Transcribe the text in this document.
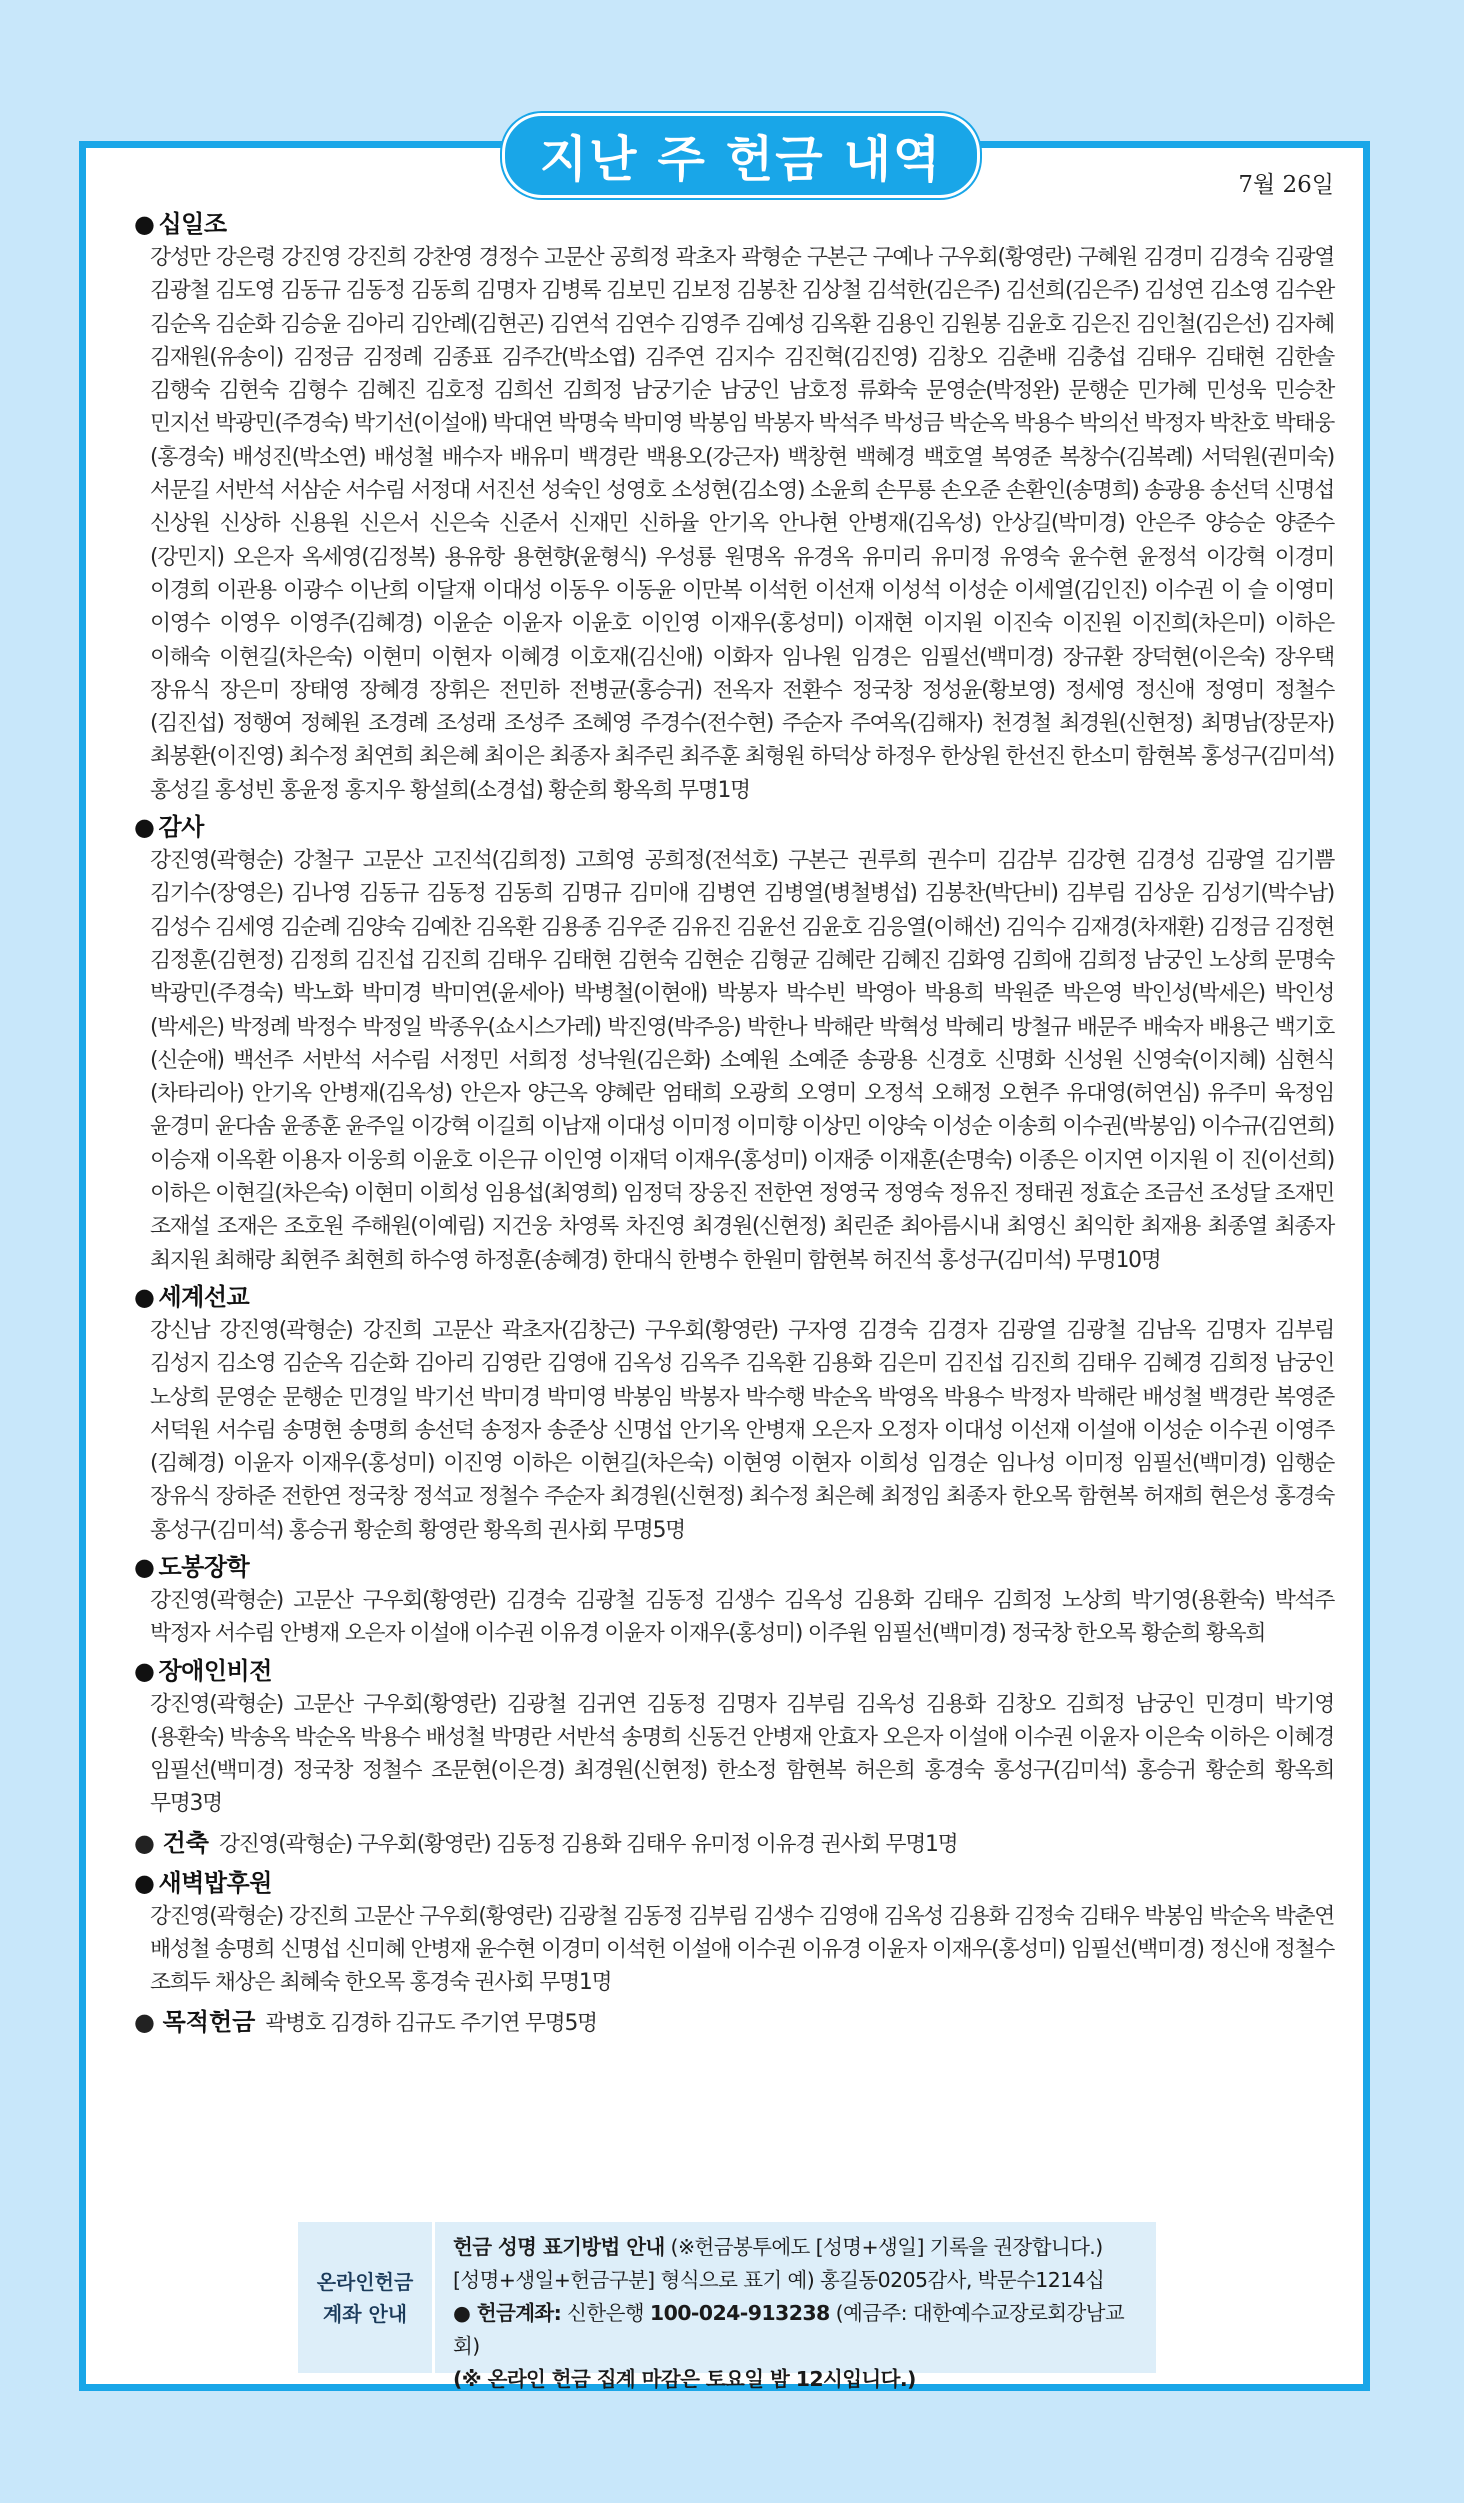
지난 주 헌금 내역	7월 26일
● 십일조
강성만 강은령 강진영 강진희 강찬영 경정수 고문산 공희정 곽초자 곽형순 구본근 구예나 구우회(황영란) 구혜원 김경미 김경숙 김광열 김광철 김도영 김동규 김동정 김동희 김명자 김병록 김보민 김보정 김봉찬 김상철 김석한(김은주) 김선희(김은주) 김성연 김소영 김수완 김순옥 김순화 김승윤 김아리 김안례(김현곤) 김연석 김연수 김영주 김예성 김옥환 김용인 김원봉 김윤호 김은진 김인철(김은선) 김자혜 김재원(유송이) 김정금 김정례 김종표 김주간(박소엽) 김주연 김지수 김진혁(김진영) 김창오 김춘배 김충섭 김태우 김태현 김한솔 김행숙 김현숙 김형수 김혜진 김호정 김희선 김희정 남궁기순 남궁인 남호정 류화숙 문영순(박정완) 문행순 민가혜 민성욱 민승찬 민지선 박광민(주경숙) 박기선(이설애) 박대연 박명숙 박미영 박봉임 박봉자 박석주 박성금 박순옥 박용수 박의선 박정자 박찬호 박태웅(홍경숙) 배성진(박소연) 배성철 배수자 배유미 백경란 백용오(강근자) 백창현 백혜경 백호열 복영준 복창수(김복례) 서덕원(권미숙) 서문길 서반석 서삼순 서수림 서정대 서진선 성숙인 성영호 소성현(김소영) 소윤희 손무룡 손오준 손환인(송명희) 송광용 송선덕 신명섭 신상원 신상하 신용원 신은서 신은숙 신준서 신재민 신하율 안기옥 안나현 안병재(김옥성) 안상길(박미경) 안은주 양승순 양준수(강민지) 오은자 옥세영(김정복) 용유항 용현향(윤형식) 우성룡 원명옥 유경옥 유미리 유미정 유영숙 윤수현 윤정석 이강혁 이경미 이경희 이관용 이광수 이난희 이달재 이대성 이동우 이동윤 이만복 이석헌 이선재 이성석 이성순 이세열(김인진) 이수권 이 슬 이영미 이영수 이영우 이영주(김혜경) 이윤순 이윤자 이윤호 이인영 이재우(홍성미) 이재현 이지원 이진숙 이진원 이진희(차은미) 이하은 이해숙 이현길(차은숙) 이현미 이현자 이혜경 이호재(김신애) 이화자 임나원 임경은 임필선(백미경) 장규환 장덕현(이은숙) 장우택 장유식 장은미 장태영 장혜경 장휘은 전민하 전병균(홍승귀) 전옥자 전환수 정국창 정성윤(황보영) 정세영 정신애 정영미 정철수(김진섭) 정행여 정혜원 조경례 조성래 조성주 조혜영 주경수(전수현) 주순자 주여옥(김해자) 천경철 최경원(신현정) 최명남(장문자) 최봉환(이진영) 최수정 최연희 최은혜 최이은 최종자 최주린 최주훈 최형원 하덕상 하정우 한상원 한선진 한소미 함현복 홍성구(김미석) 홍성길 홍성빈 홍윤정 홍지우 황설희(소경섭) 황순희 황옥희 무명1명
● 감사
강진영(곽형순) 강철구 고문산 고진석(김희정) 고희영 공희정(전석호) 구본근 권루희 권수미 김감부 김강현 김경성 김광열 김기쁨 김기수(장영은) 김나영 김동규 김동정 김동희 김명규 김미애 김병연 김병열(병철병섭) 김봉찬(박단비) 김부림 김상운 김성기(박수남) 김성수 김세영 김순례 김양숙 김예찬 김옥환 김용종 김우준 김유진 김윤선 김윤호 김응열(이해선) 김익수 김재경(차재환) 김정금 김정현 김정훈(김현정) 김정희 김진섭 김진희 김태우 김태현 김현숙 김현순 김형균 김혜란 김혜진 김화영 김희애 김희정 남궁인 노상희 문명숙 박광민(주경숙) 박노화 박미경 박미연(윤세아) 박병철(이현애) 박봉자 박수빈 박영아 박용희 박원준 박은영 박인성(박세은) 박인성(박세은) 박정례 박정수 박정일 박종우(쇼시스가레) 박진영(박주응) 박한나 박해란 박혁성 박혜리 방철규 배문주 배숙자 배용근 백기호(신순애) 백선주 서반석 서수림 서정민 서희정 성낙원(김은화) 소예원 소예준 송광용 신경호 신명화 신성원 신영숙(이지혜) 심현식(차타리아) 안기옥 안병재(김옥성) 안은자 양근옥 양혜란 엄태희 오광희 오영미 오정석 오해정 오현주 유대영(허연심) 유주미 육정임 윤경미 윤다솜 윤종훈 윤주일 이강혁 이길희 이남재 이대성 이미정 이미향 이상민 이양숙 이성순 이송희 이수권(박봉임) 이수규(김연희) 이승재 이옥환 이용자 이웅희 이윤호 이은규 이인영 이재덕 이재우(홍성미) 이재중 이재훈(손명숙) 이종은 이지연 이지원 이 진(이선희) 이하은 이현길(차은숙) 이현미 이희성 임용섭(최영희) 임정덕 장웅진 전한연 정영국 정영숙 정유진 정태권 정효순 조금선 조성달 조재민 조재설 조재은 조호원 주해원(이예림) 지건웅 차영록 차진영 최경원(신현정) 최린준 최아름시내 최영신 최익한 최재용 최종열 최종자 최지원 최해랑 최현주 최현희 하수영 하정훈(송혜경) 한대식 한병수 한원미 함현복 허진석 홍성구(김미석) 무명10명
● 세계선교
강신남 강진영(곽형순) 강진희 고문산 곽초자(김창근) 구우회(황영란) 구자영 김경숙 김경자 김광열 김광철 김남옥 김명자 김부림 김성지 김소영 김순옥 김순화 김아리 김영란 김영애 김옥성 김옥주 김옥환 김용화 김은미 김진섭 김진희 김태우 김혜경 김희정 남궁인 노상희 문영순 문행순 민경일 박기선 박미경 박미영 박봉임 박봉자 박수행 박순옥 박영옥 박용수 박정자 박해란 배성철 백경란 복영준 서덕원 서수림 송명현 송명희 송선덕 송정자 송준상 신명섭 안기옥 안병재 오은자 오정자 이대성 이선재 이설애 이성순 이수권 이영주(김혜경) 이윤자 이재우(홍성미) 이진영 이하은 이현길(차은숙) 이현영 이현자 이희성 임경순 임나성 이미정 임필선(백미경) 임행순 장유식 장하준 전한연 정국창 정석교 정철수 주순자 최경원(신현정) 최수정 최은혜 최정임 최종자 한오목 함현복 허재희 현은성 홍경숙 홍성구(김미석) 홍승귀 황순희 황영란 황옥희 권사회 무명5명
● 도봉장학
강진영(곽형순) 고문산 구우회(황영란) 김경숙 김광철 김동정 김생수 김옥성 김용화 김태우 김희정 노상희 박기영(용환숙) 박석주 박정자 서수림 안병재 오은자 이설애 이수권 이유경 이윤자 이재우(홍성미) 이주원 임필선(백미경) 정국창 한오목 황순희 황옥희
● 장애인비전
강진영(곽형순) 고문산 구우회(황영란) 김광철 김귀연 김동정 김명자 김부림 김옥성 김용화 김창오 김희정 남궁인 민경미 박기영(용환숙) 박송옥 박순옥 박용수 배성철 박명란 서반석 송명희 신동건 안병재 안효자 오은자 이설애 이수권 이윤자 이은숙 이하은 이혜경 임필선(백미경) 정국창 정철수 조문현(이은경) 최경원(신현정) 한소정 함현복 허은희 홍경숙 홍성구(김미석) 홍승귀 황순희 황옥희 무명3명
● 건축 강진영(곽형순) 구우회(황영란) 김동정 김용화 김태우 유미정 이유경 권사회 무명1명
● 새벽밥후원
강진영(곽형순) 강진희 고문산 구우회(황영란) 김광철 김동정 김부림 김생수 김영애 김옥성 김용화 김정숙 김태우 박봉임 박순옥 박춘연 배성철 송명희 신명섭 신미혜 안병재 윤수현 이경미 이석헌 이설애 이수권 이유경 이윤자 이재우(홍성미) 임필선(백미경) 정신애 정철수 조희두 채상은 최혜숙 한오목 홍경숙 권사회 무명1명
● 목적헌금 곽병호 김경하 김규도 주기연 무명5명
온라인헌금
계좌 안내
헌금 성명 표기방법 안내 (※헌금봉투에도 [성명+생일] 기록을 권장합니다.)
[성명+생일+헌금구분] 형식으로 표기 예) 홍길동0205감사, 박문수1214십
● 헌금계좌: 신한은행 100-024-913238 (예금주: 대한예수교장로회강남교회)
(※ 온라인 헌금 집계 마감은 토요일 밤 12시입니다.)
